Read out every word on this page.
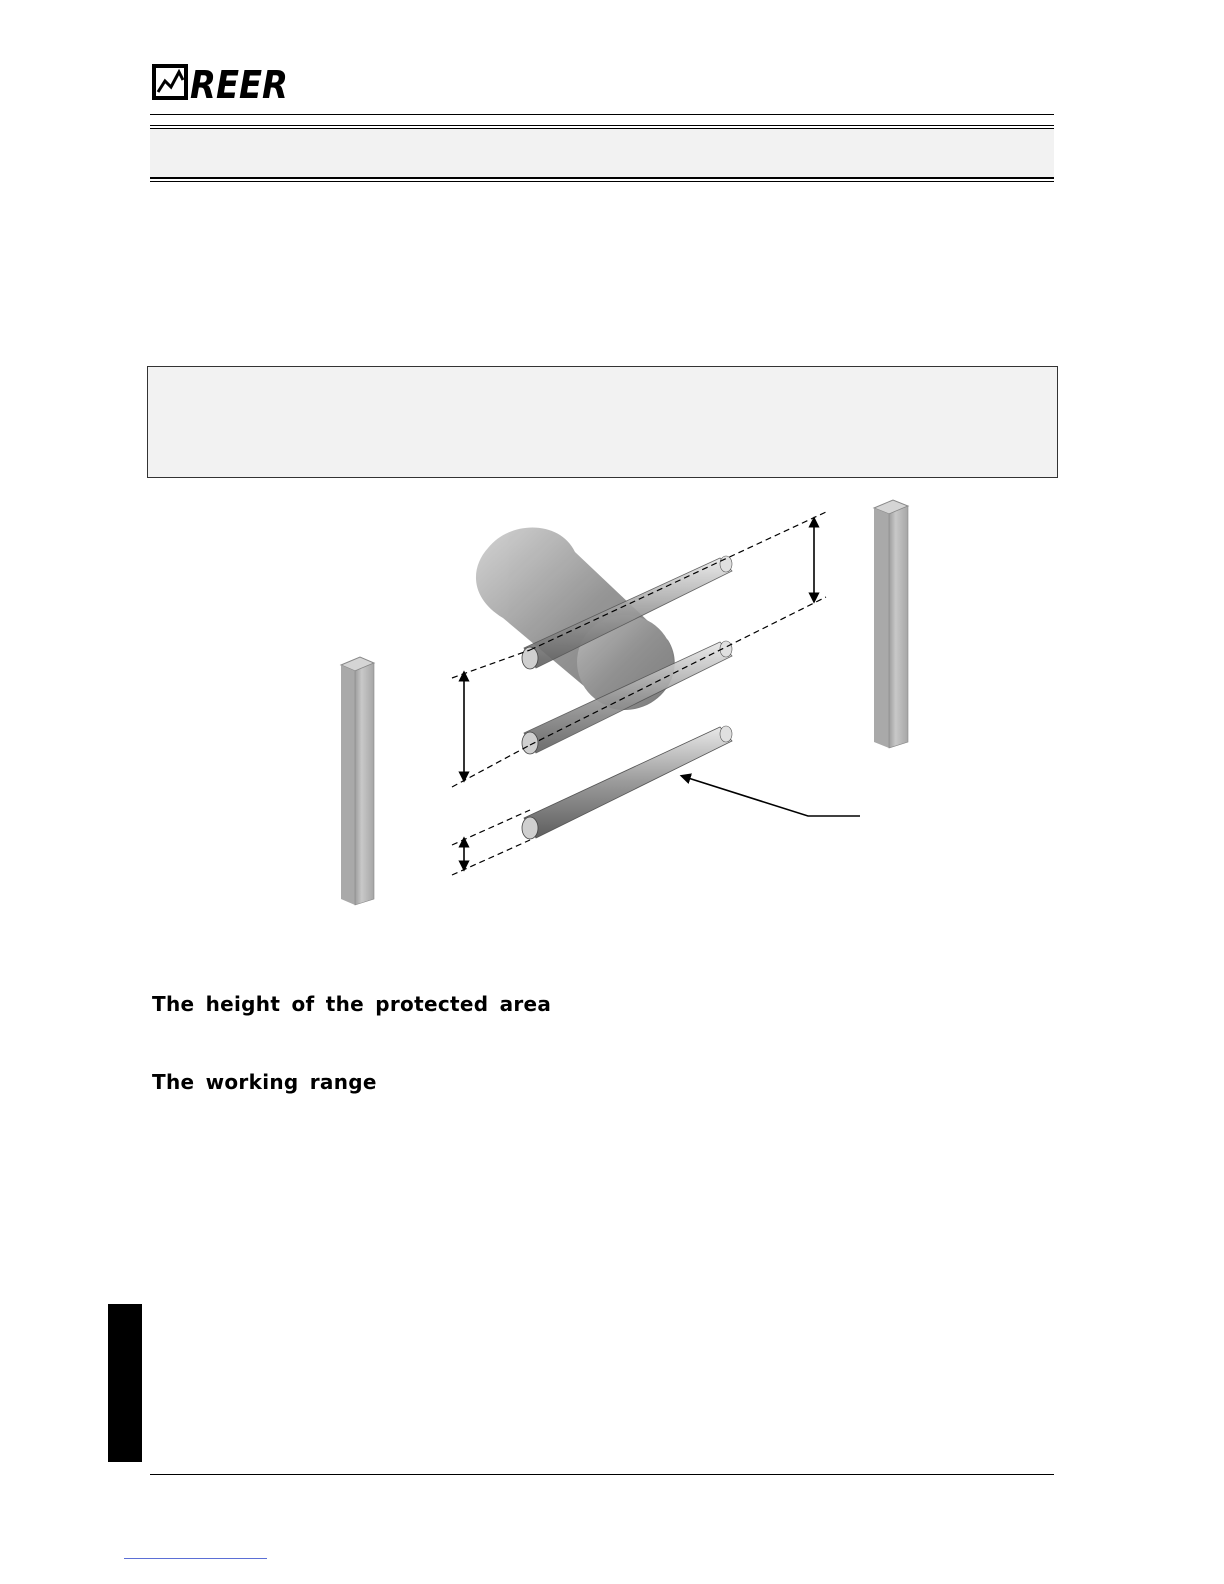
REER
The height of the protected area
The working range
